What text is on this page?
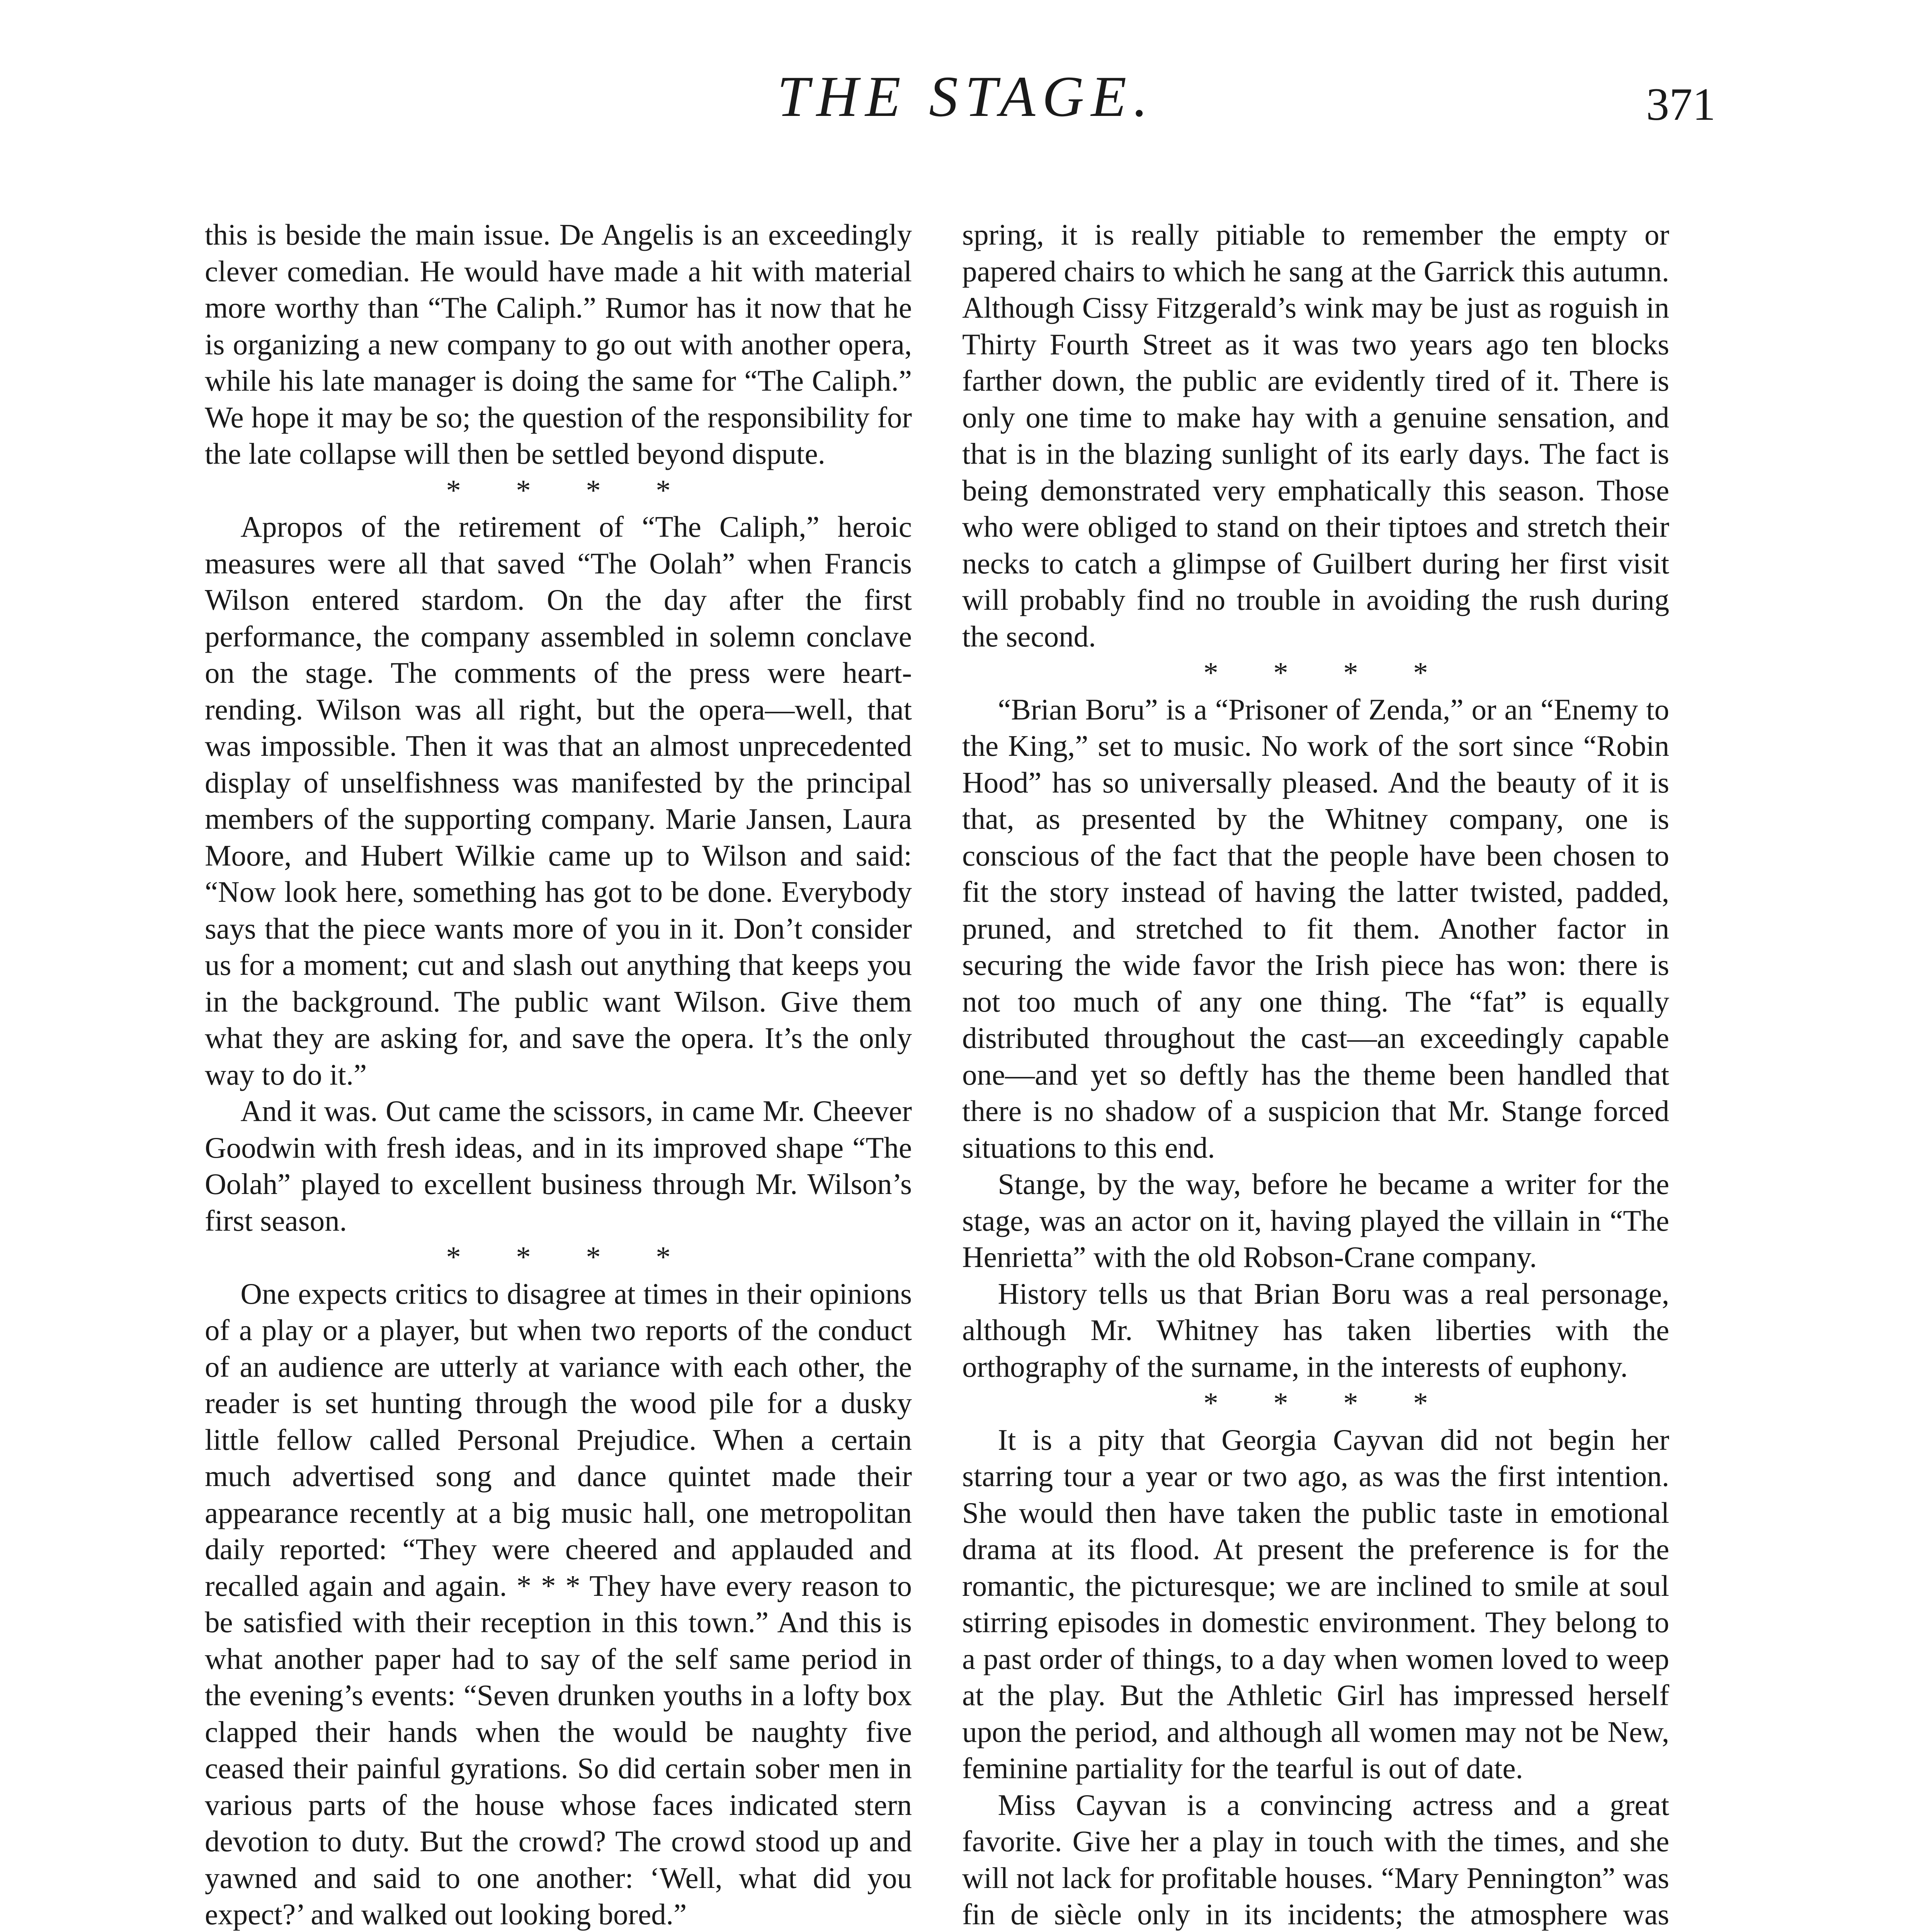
THE STAGE.	371

this is beside the main issue. De Angelis is an exceedingly clever comedian. He would have made a hit with material more worthy than “The Caliph.” Rumor has it now that he is organizing a new company to go out with another opera, while his late manager is doing the same for “The Caliph.” We hope it may be so; the question of the responsibility for the late collapse will then be settled beyond dispute.

* * * *

Apropos of the retirement of “The Caliph,” heroic measures were all that saved “The Oolah” when Francis Wilson entered stardom. On the day after the first performance, the company assembled in solemn conclave on the stage. The comments of the press were heart-rending. Wilson was all right, but the opera—well, that was impossible. Then it was that an almost unprecedented display of unselfishness was manifested by the principal members of the supporting company. Marie Jansen, Laura Moore, and Hubert Wilkie came up to Wilson and said: “Now look here, something has got to be done. Everybody says that the piece wants more of you in it. Don’t consider us for a moment; cut and slash out anything that keeps you in the background. The public want Wilson. Give them what they are asking for, and save the opera. It’s the only way to do it.”

And it was. Out came the scissors, in came Mr. Cheever Goodwin with fresh ideas, and in its improved shape “The Oolah” played to excellent business through Mr. Wilson’s first season.

* * * *

One expects critics to disagree at times in their opinions of a play or a player, but when two reports of the conduct of an audience are utterly at variance with each other, the reader is set hunting through the wood pile for a dusky little fellow called Personal Prejudice. When a certain much advertised song and dance quintet made their appearance recently at a big music hall, one metropolitan daily reported: “They were cheered and applauded and recalled again and again. * * * They have every reason to be satisfied with their reception in this town.” And this is what another paper had to say of the self same period in the evening’s events: “Seven drunken youths in a lofty box clapped their hands when the would be naughty five ceased their painful gyrations. So did certain sober men in various parts of the house whose faces indicated stern devotion to duty. But the crowd? The crowd stood up and yawned and said to one another: ‘Well, what did you expect?’ and walked out looking bored.”

spring, it is really pitiable to remember the empty or papered chairs to which he sang at the Garrick this autumn. Although Cissy Fitzgerald’s wink may be just as roguish in Thirty Fourth Street as it was two years ago ten blocks farther down, the public are evidently tired of it. There is only one time to make hay with a genuine sensation, and that is in the blazing sunlight of its early days. The fact is being demonstrated very emphatically this season. Those who were obliged to stand on their tiptoes and stretch their necks to catch a glimpse of Guilbert during her first visit will probably find no trouble in avoiding the rush during the second.

* * * *

“Brian Boru” is a “Prisoner of Zenda,” or an “Enemy to the King,” set to music. No work of the sort since “Robin Hood” has so universally pleased. And the beauty of it is that, as presented by the Whitney company, one is conscious of the fact that the people have been chosen to fit the story instead of having the latter twisted, padded, pruned, and stretched to fit them. Another factor in securing the wide favor the Irish piece has won: there is not too much of any one thing. The “fat” is equally distributed throughout the cast—an exceedingly capable one—and yet so deftly has the theme been handled that there is no shadow of a suspicion that Mr. Stange forced situations to this end.

Stange, by the way, before he became a writer for the stage, was an actor on it, having played the villain in “The Henrietta” with the old Robson-Crane company.

History tells us that Brian Boru was a real personage, although Mr. Whitney has taken liberties with the orthography of the surname, in the interests of euphony.

* * * *

It is a pity that Georgia Cayvan did not begin her starring tour a year or two ago, as was the first intention. She would then have taken the public taste in emotional drama at its flood. At present the preference is for the romantic, the picturesque; we are inclined to smile at soul stirring episodes in domestic environment. They belong to a past order of things, to a day when women loved to weep at the play. But the Athletic Girl has impressed herself upon the period, and although all women may not be New, feminine partiality for the tearful is out of date.

Miss Cayvan is a convincing actress and a great favorite. Give her a play in touch with the times, and she will not lack for profitable houses. “Mary Pennington” was fin de siècle only in its incidents; the atmosphere was
